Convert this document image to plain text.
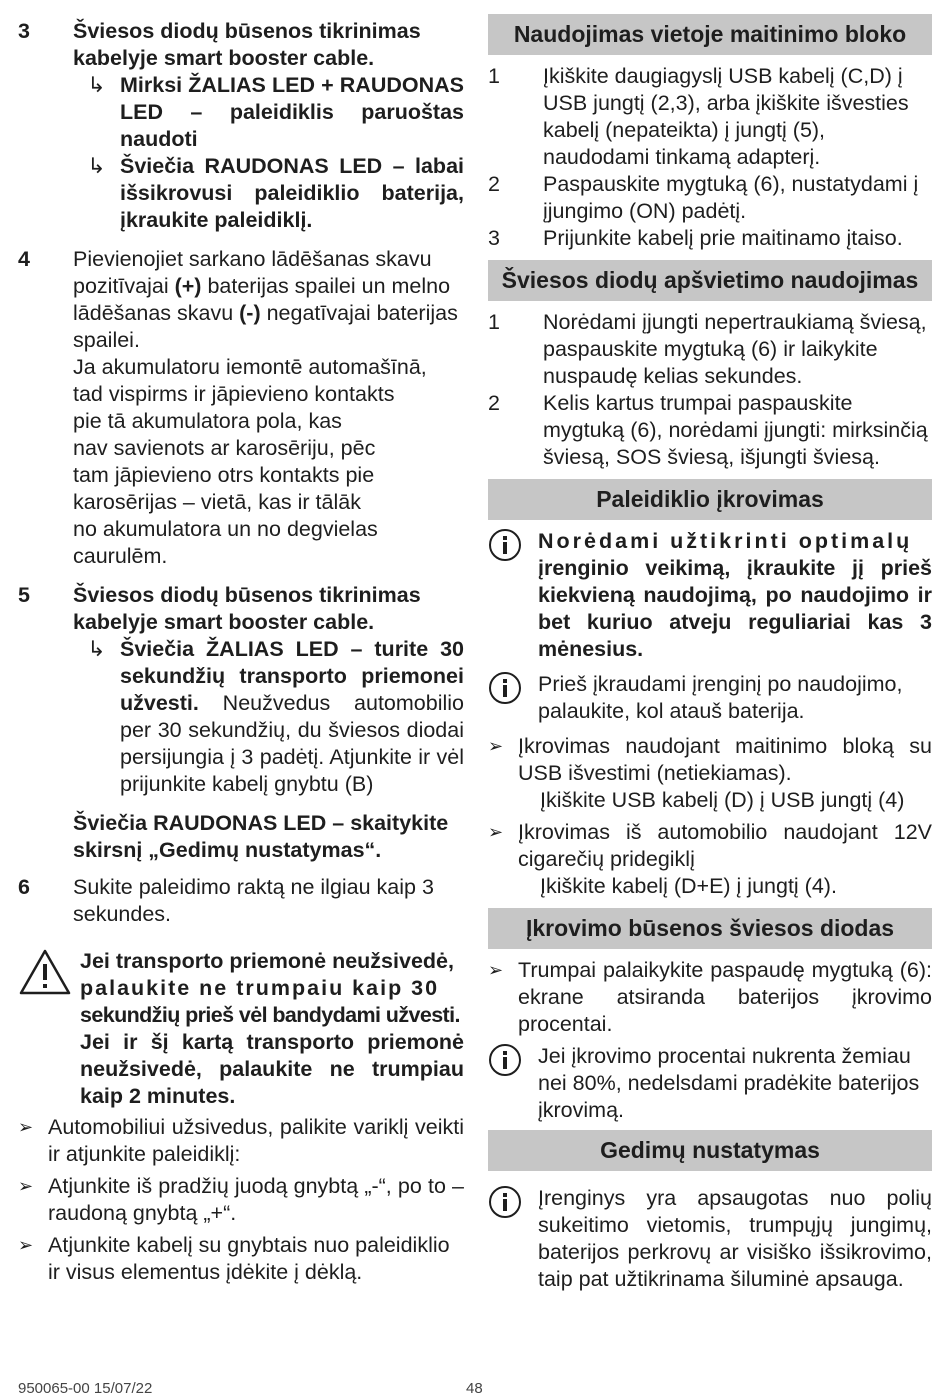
3	Šviesos diodų būsenos tikrinimas kabelyje smart booster cable.
↳ Mirksi ŽALIAS LED + RAUDONAS LED – paleidiklis paruoštas naudoti
↳ Šviečia RAUDONAS LED – labai išsikrovusi paleidiklio baterija, įkraukite paleidiklį.
4	Pievienojiet sarkano lādēšanas skavu pozitīvajai (+) baterijas spailei un melno lādēšanas skavu (-) negatīvajai baterijas spailei.
Ja akumulatoru iemontē automašīnā,
tad vispirms ir jāpievieno kontakts
pie tā akumulatora pola, kas
nav savienots ar karosēriju, pēc
tam jāpievieno otrs kontakts pie
karosērijas – vietā, kas ir tālāk
no akumulatora un no degvielas
caurulēm.
5	Šviesos diodų būsenos tikrinimas kabelyje smart booster cable.
↳ Šviečia ŽALIAS LED – turite 30 sekundžių transporto priemonei užvesti. Neužvedus automobilio per 30 sekundžių, du šviesos diodai persijungia į 3 padėtį. Atjunkite ir vėl prijunkite kabelį gnybtu (B)
Šviečia RAUDONAS LED – skaitykite skirsnį „Gedimų nustatymas“.
6	Sukite paleidimo raktą ne ilgiau kaip 3 sekundes.
Jei transporto priemonė neužsivedė,
palaukite ne trumpaiu kaip 30
sekundžių prieš vėl bandydami užvesti.
Jei ir šį kartą transporto priemonė neužsivedė, palaukite ne trumpiau kaip 2 minutes.
➢ Automobiliui užsivedus, palikite variklį veikti ir atjunkite paleidiklį:
➢ Atjunkite iš pradžių juodą gnybtą „-“, po to – raudoną gnybtą „+“.
➢ Atjunkite kabelį su gnybtais nuo paleidiklio ir visus elementus įdėkite į dėklą.
Naudojimas vietoje maitinimo bloko
1	Įkiškite daugiagyslį USB kabelį (C,D) į USB jungtį (2,3), arba įkiškite išvesties kabelį (nepateikta) į jungtį (5), naudodami tinkamą adapterį.
2	Paspauskite mygtuką (6), nustatydami į įjungimo (ON) padėtį.
3	Prijunkite kabelį prie maitinamo įtaiso.
Šviesos diodų apšvietimo naudojimas
1	Norėdami įjungti nepertraukiamą šviesą, paspauskite mygtuką (6) ir laikykite nuspaudę kelias sekundes.
2	Kelis kartus trumpai paspauskite mygtuką (6), norėdami įjungti: mirksinčią šviesą, SOS šviesą, išjungti šviesą.
Paleidiklio įkrovimas
Norėdami užtikrinti optimalų
įrenginio veikimą, įkraukite jį prieš kiekvieną naudojimą, po naudojimo ir bet kuriuo atveju reguliariai kas 3 mėnesius.
Prieš įkraudami įrenginį po naudojimo, palaukite, kol atauš baterija.
➢ Įkrovimas naudojant maitinimo bloką su USB išvestimi (netiekiamas).
Įkiškite USB kabelį (D) į USB jungtį (4)
➢ Įkrovimas iš automobilio naudojant 12V cigarečių pridegiklį
Įkiškite kabelį (D+E) į jungtį (4).
Įkrovimo būsenos šviesos diodas
➢ Trumpai palaikykite paspaudę mygtuką (6): ekrane atsiranda baterijos įkrovimo procentai.
Jei įkrovimo procentai nukrenta žemiau nei 80%, nedelsdami pradėkite baterijos įkrovimą.
Gedimų nustatymas
Įrenginys yra apsaugotas nuo polių sukeitimo vietomis, trumpųjų jungimų, baterijos perkrovų ar visiško išsikrovimo, taip pat užtikrinama šiluminė apsauga.
950065-00 15/07/22	48
